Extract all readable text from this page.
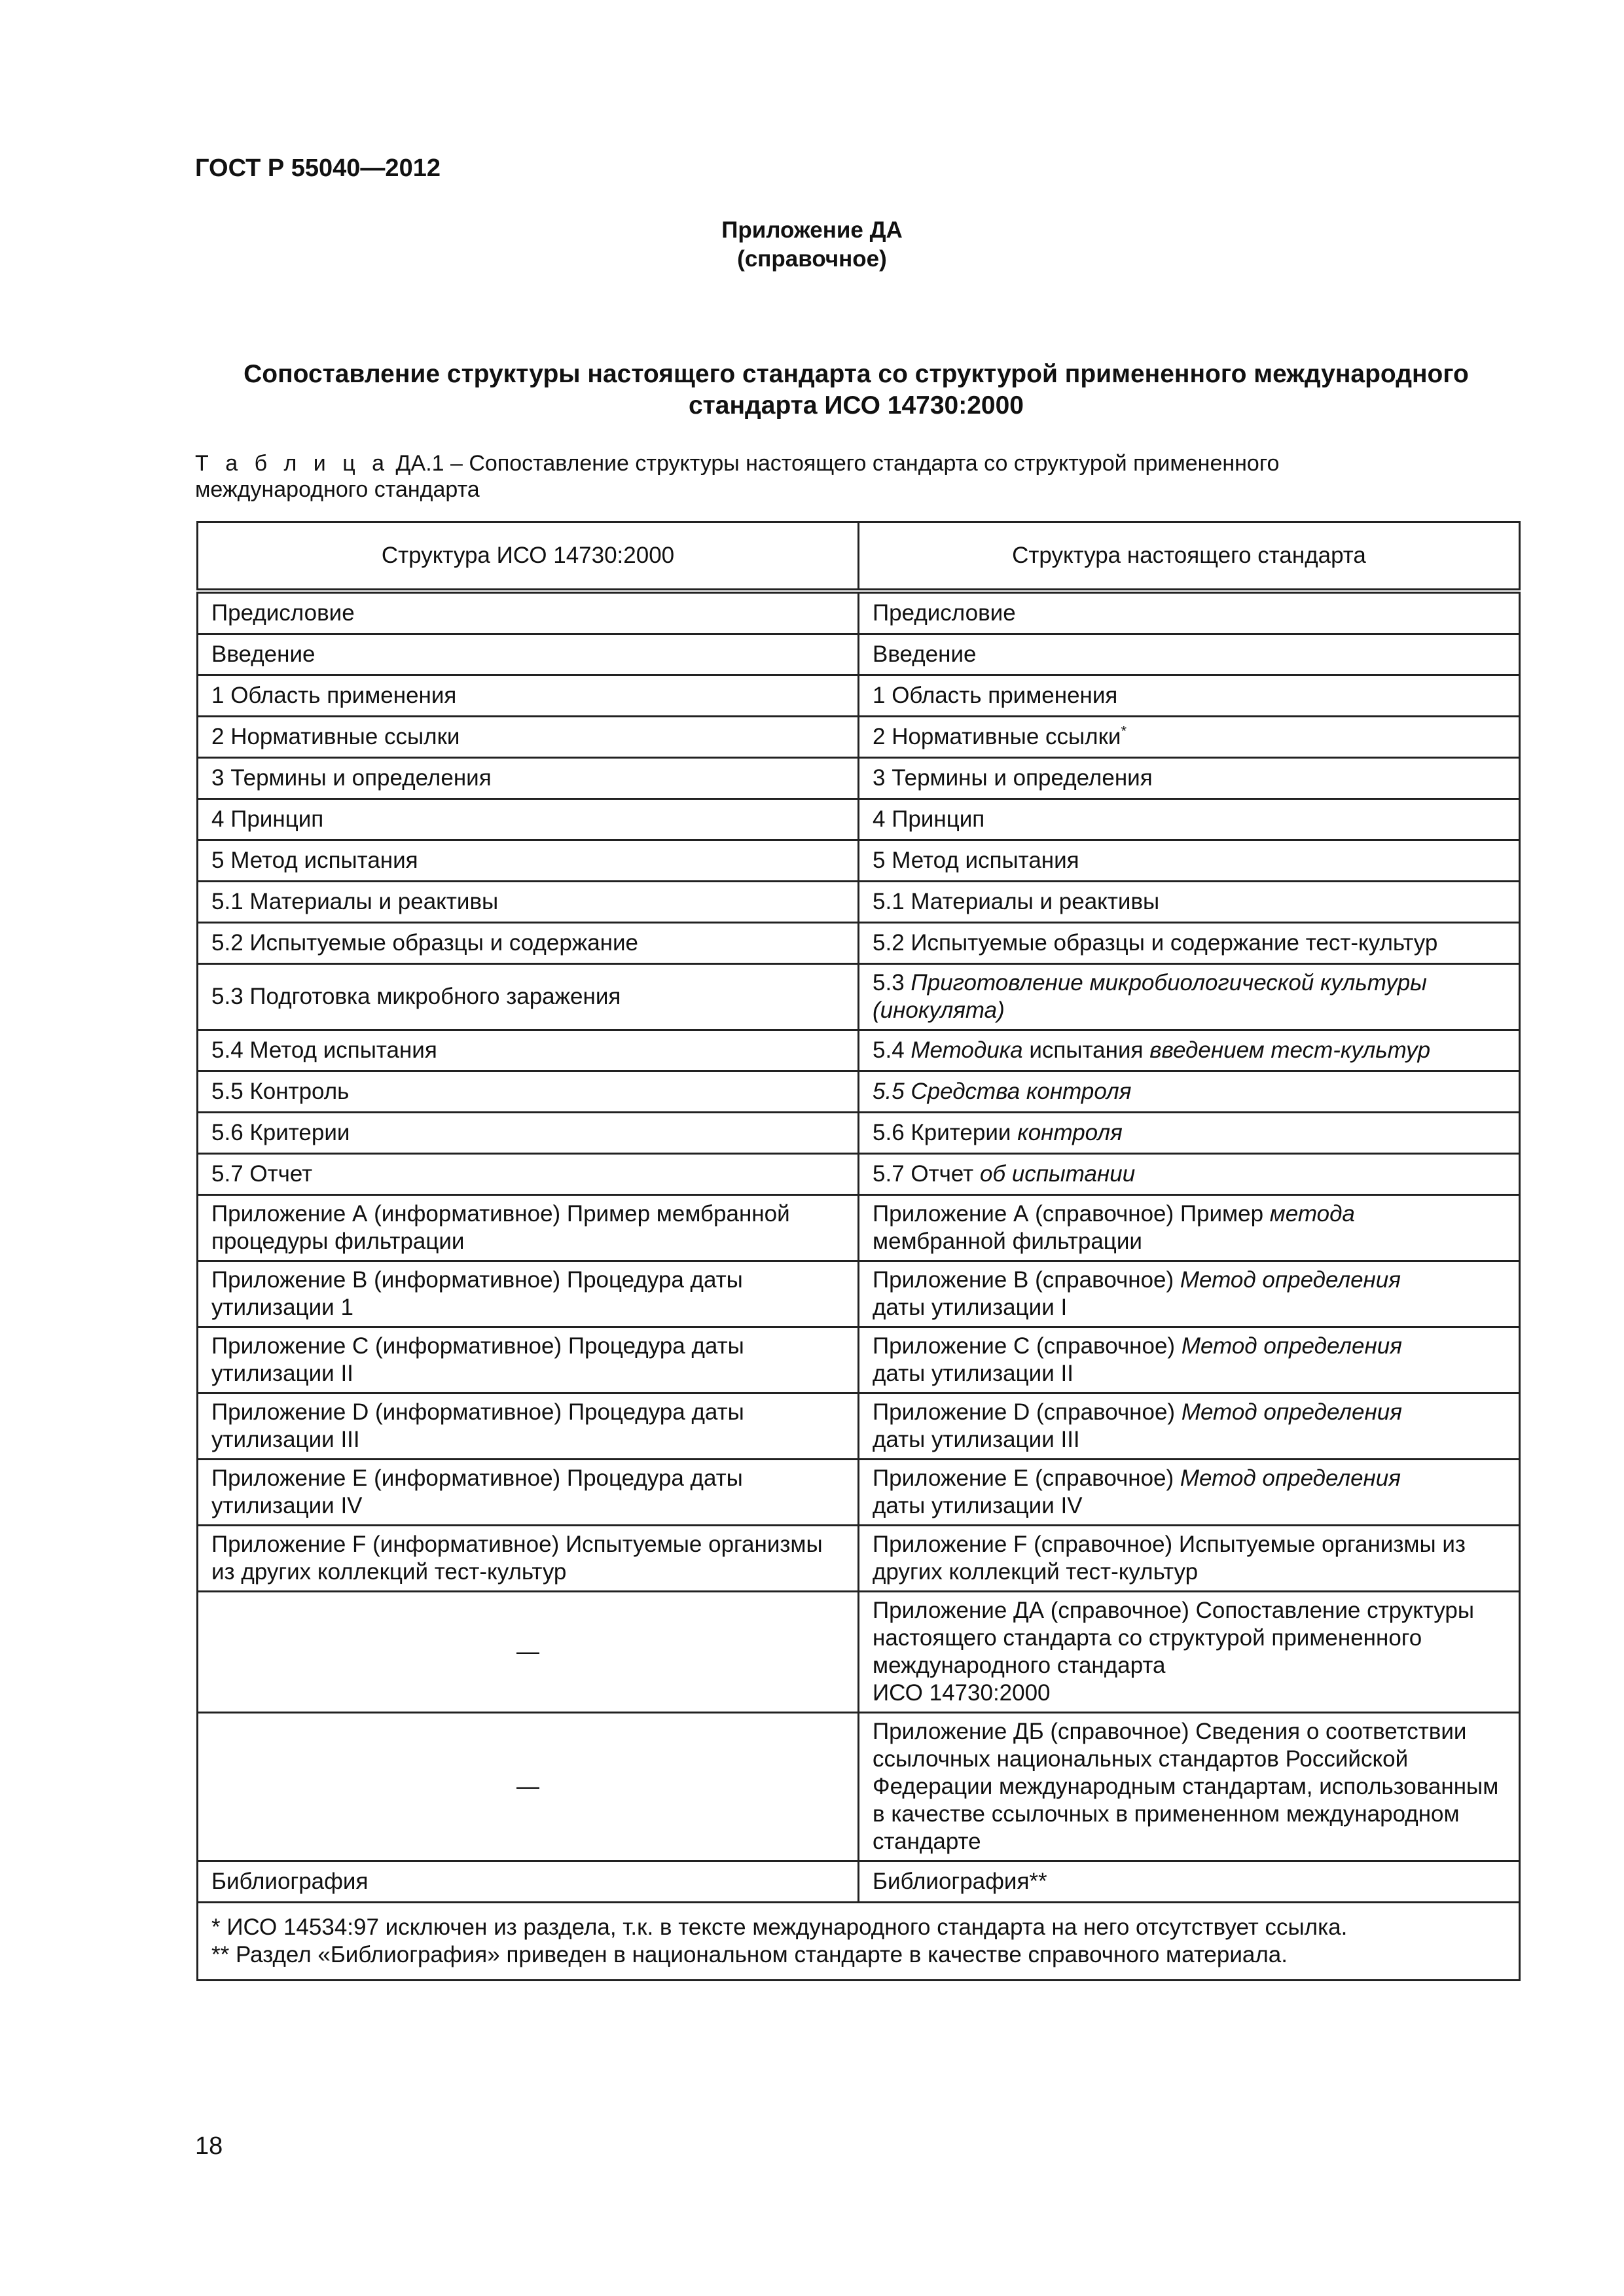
ГОСТ Р 55040—2012
Приложение ДА
(справочное)
Сопоставление структуры настоящего стандарта со структурой примененного международного
стандарта ИСО 14730:2000
Т а б л и ц а ДА.1 – Сопоставление структуры настоящего стандарта со структурой примененного
международного стандарта
Структура ИСО 14730:2000	Структура настоящего стандарта
Предисловие	Предисловие
Введение	Введение
1 Область применения	1 Область применения
2 Нормативные ссылки	2 Нормативные ссылки*
3 Термины и определения	3 Термины и определения
4 Принцип	4 Принцип
5 Метод испытания	5 Метод испытания
5.1 Материалы и реактивы	5.1 Материалы и реактивы
5.2 Испытуемые образцы и содержание	5.2 Испытуемые образцы и содержание тест-культур
5.3 Подготовка микробного заражения	5.3 Приготовление микробиологической культуры
(инокулята)
5.4 Метод испытания	5.4 Методика испытания введением тест-культур
5.5 Контроль	5.5 Средства контроля
5.6 Критерии	5.6 Критерии контроля
5.7 Отчет	5.7 Отчет об испытании
Приложение А (информативное) Пример мембранной процедуры фильтрации	Приложение А (справочное) Пример метода
мембранной фильтрации
Приложение В (информативное) Процедура даты утилизации 1	Приложение В (справочное) Метод определения
даты утилизации I
Приложение С (информативное) Процедура даты утилизации II	Приложение С (справочное) Метод определения
даты утилизации II
Приложение D (информативное) Процедура даты утилизации III	Приложение D (справочное) Метод определения
даты утилизации III
Приложение Е (информативное) Процедура даты утилизации IV	Приложение Е (справочное) Метод определения
даты утилизации IV
Приложение F (информативное) Испытуемые организмы из других коллекций тест-культур	Приложение F (справочное) Испытуемые организмы из других коллекций тест-культур
—	Приложение ДА (справочное) Сопоставление структуры настоящего стандарта со структурой примененного международного стандарта
ИСО 14730:2000
—	Приложение ДБ (справочное) Сведения о соответствии ссылочных национальных стандартов Российской Федерации международным стандартам, использованным в качестве ссылочных в примененном международном стандарте
Библиография	Библиография**

* ИСО 14534:97 исключен из раздела, т.к. в тексте международного стандарта на него отсутствует ссылка.
** Раздел «Библиография» приведен в национальном стандарте в качестве справочного материала.	
18
